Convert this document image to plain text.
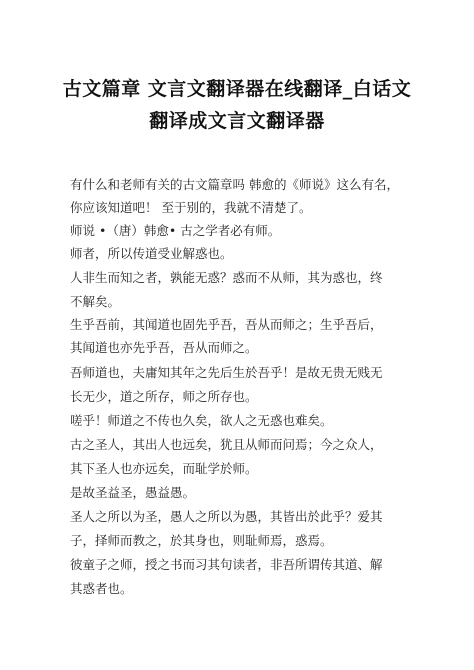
古文篇章 文言文翻译器在线翻译_白话文
翻译成文言文翻译器
有什么和老师有关的古文篇章吗 韩愈的《师说》这么有名，
你应该知道吧！ 至于别的，我就不清楚了。
师说 •（唐）韩愈• 古之学者必有师。
师者，所以传道受业解惑也。
人非生而知之者，孰能无惑？惑而不从师，其为惑也，终
不解矣。
生乎吾前，其闻道也固先乎吾，吾从而师之；生乎吾后，
其闻道也亦先乎吾，吾从而师之。
吾师道也，夫庸知其年之先后生於吾乎！是故无贵无贱无
长无少，道之所存，师之所存也。
嗟乎！师道之不传也久矣，欲人之无惑也难矣。
古之圣人，其出人也远矣，犹且从师而问焉；今之众人，
其下圣人也亦远矣，而耻学於师。
是故圣益圣，愚益愚。
圣人之所以为圣，愚人之所以为愚，其皆出於此乎？爱其
子，择师而教之，於其身也，则耻师焉，惑焉。
彼童子之师，授之书而习其句读者，非吾所谓传其道、解
其惑者也。
